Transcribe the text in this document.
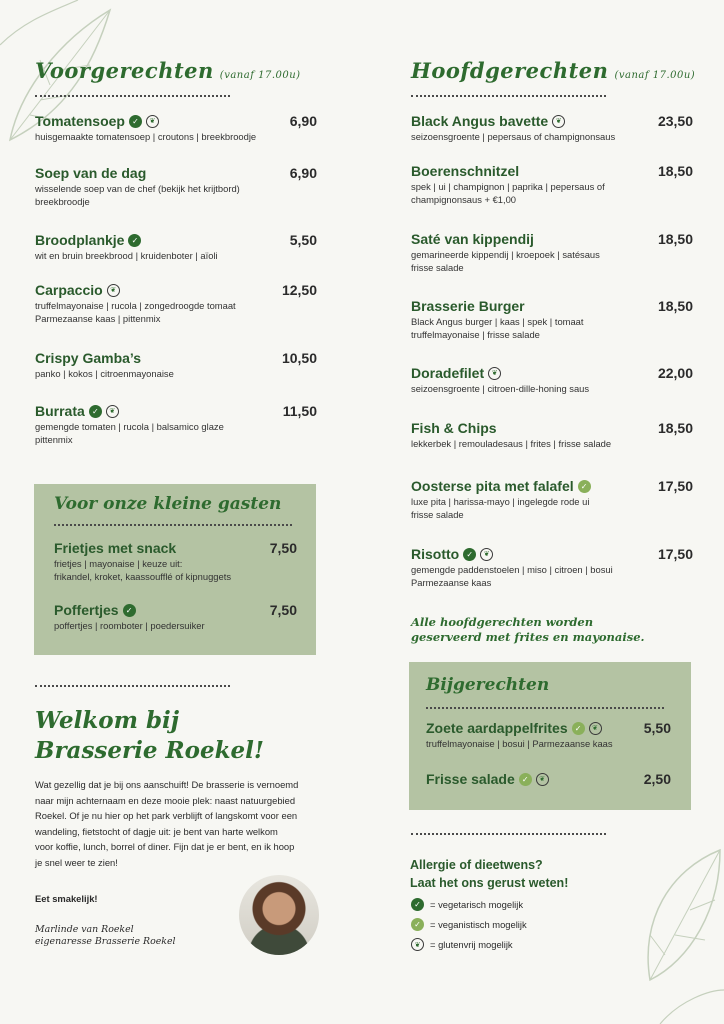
Voorgerechten (vanaf 17.00u)
Tomatensoep ✓	❦	6,90
huisgemaakte tomatensoep | croutons | breekbroodje
Soep van de dag	6,90
wisselende soep van de chef (bekijk het krijtbord)
breekbroodje
Broodplankje ✓	5,50
wit en bruin breekbrood | kruidenboter | aïoli
Carpaccio	❦	12,50
truffelmayonaise | rucola | zongedroogde tomaat
Parmezaanse kaas | pittenmix
Crispy Gamba’s	10,50
panko | kokos | citroenmayonaise
Burrata ✓	❦	11,50
gemengde tomaten | rucola | balsamico glaze
pittenmix
Voor onze kleine gasten
Frietjes met snack	7,50
frietjes | mayonaise | keuze uit:
frikandel, kroket, kaassoufflé of kipnuggets
Poffertjes ✓	7,50
poffertjes | roomboter | poedersuiker
Welkom bij
Brasserie Roekel!
Wat gezellig dat je bij ons aanschuift! De brasserie is vernoemd
naar mijn achternaam en deze mooie plek: naast natuurgebied
Roekel. Of je nu hier op het park verblijft of langskomt voor een
wandeling, fietstocht of dagje uit: je bent van harte welkom
voor koffie, lunch, borrel of diner. Fijn dat je er bent, en ik hoop
je snel weer te zien!
Eet smakelijk!
Marlinde van Roekel
eigenaresse Brasserie Roekel
Hoofdgerechten (vanaf 17.00u)
Black Angus bavette	❦	23,50
seizoensgroente | pepersaus of champignonsaus
Boerenschnitzel	18,50
spek | ui | champignon | paprika | pepersaus of
champignonsaus + €1,00
Saté van kippendij	18,50
gemarineerde kippendij | kroepoek | satésaus
frisse salade
Brasserie Burger	18,50
Black Angus burger | kaas | spek | tomaat
truffelmayonaise | frisse salade
Doradefilet	❦	22,00
seizoensgroente | citroen-dille-honing saus
Fish & Chips	18,50
lekkerbek | remouladesaus | frites | frisse salade
Oosterse pita met falafel ✓	17,50
luxe pita | harissa-mayo | ingelegde rode ui
frisse salade
Risotto ✓	❦	17,50
gemengde paddenstoelen | miso | citroen | bosui
Parmezaanse kaas
Alle hoofdgerechten worden
geserveerd met frites en mayonaise.
Bijgerechten
Zoete aardappelfrites ✓	❦	5,50
truffelmayonaise | bosui | Parmezaanse kaas
Frisse salade ✓	❦	2,50
Allergie of dieetwens?
Laat het ons gerust weten!
✓ = vegetarisch mogelijk
✓ = veganistisch mogelijk
❦	= glutenvrij mogelijk
